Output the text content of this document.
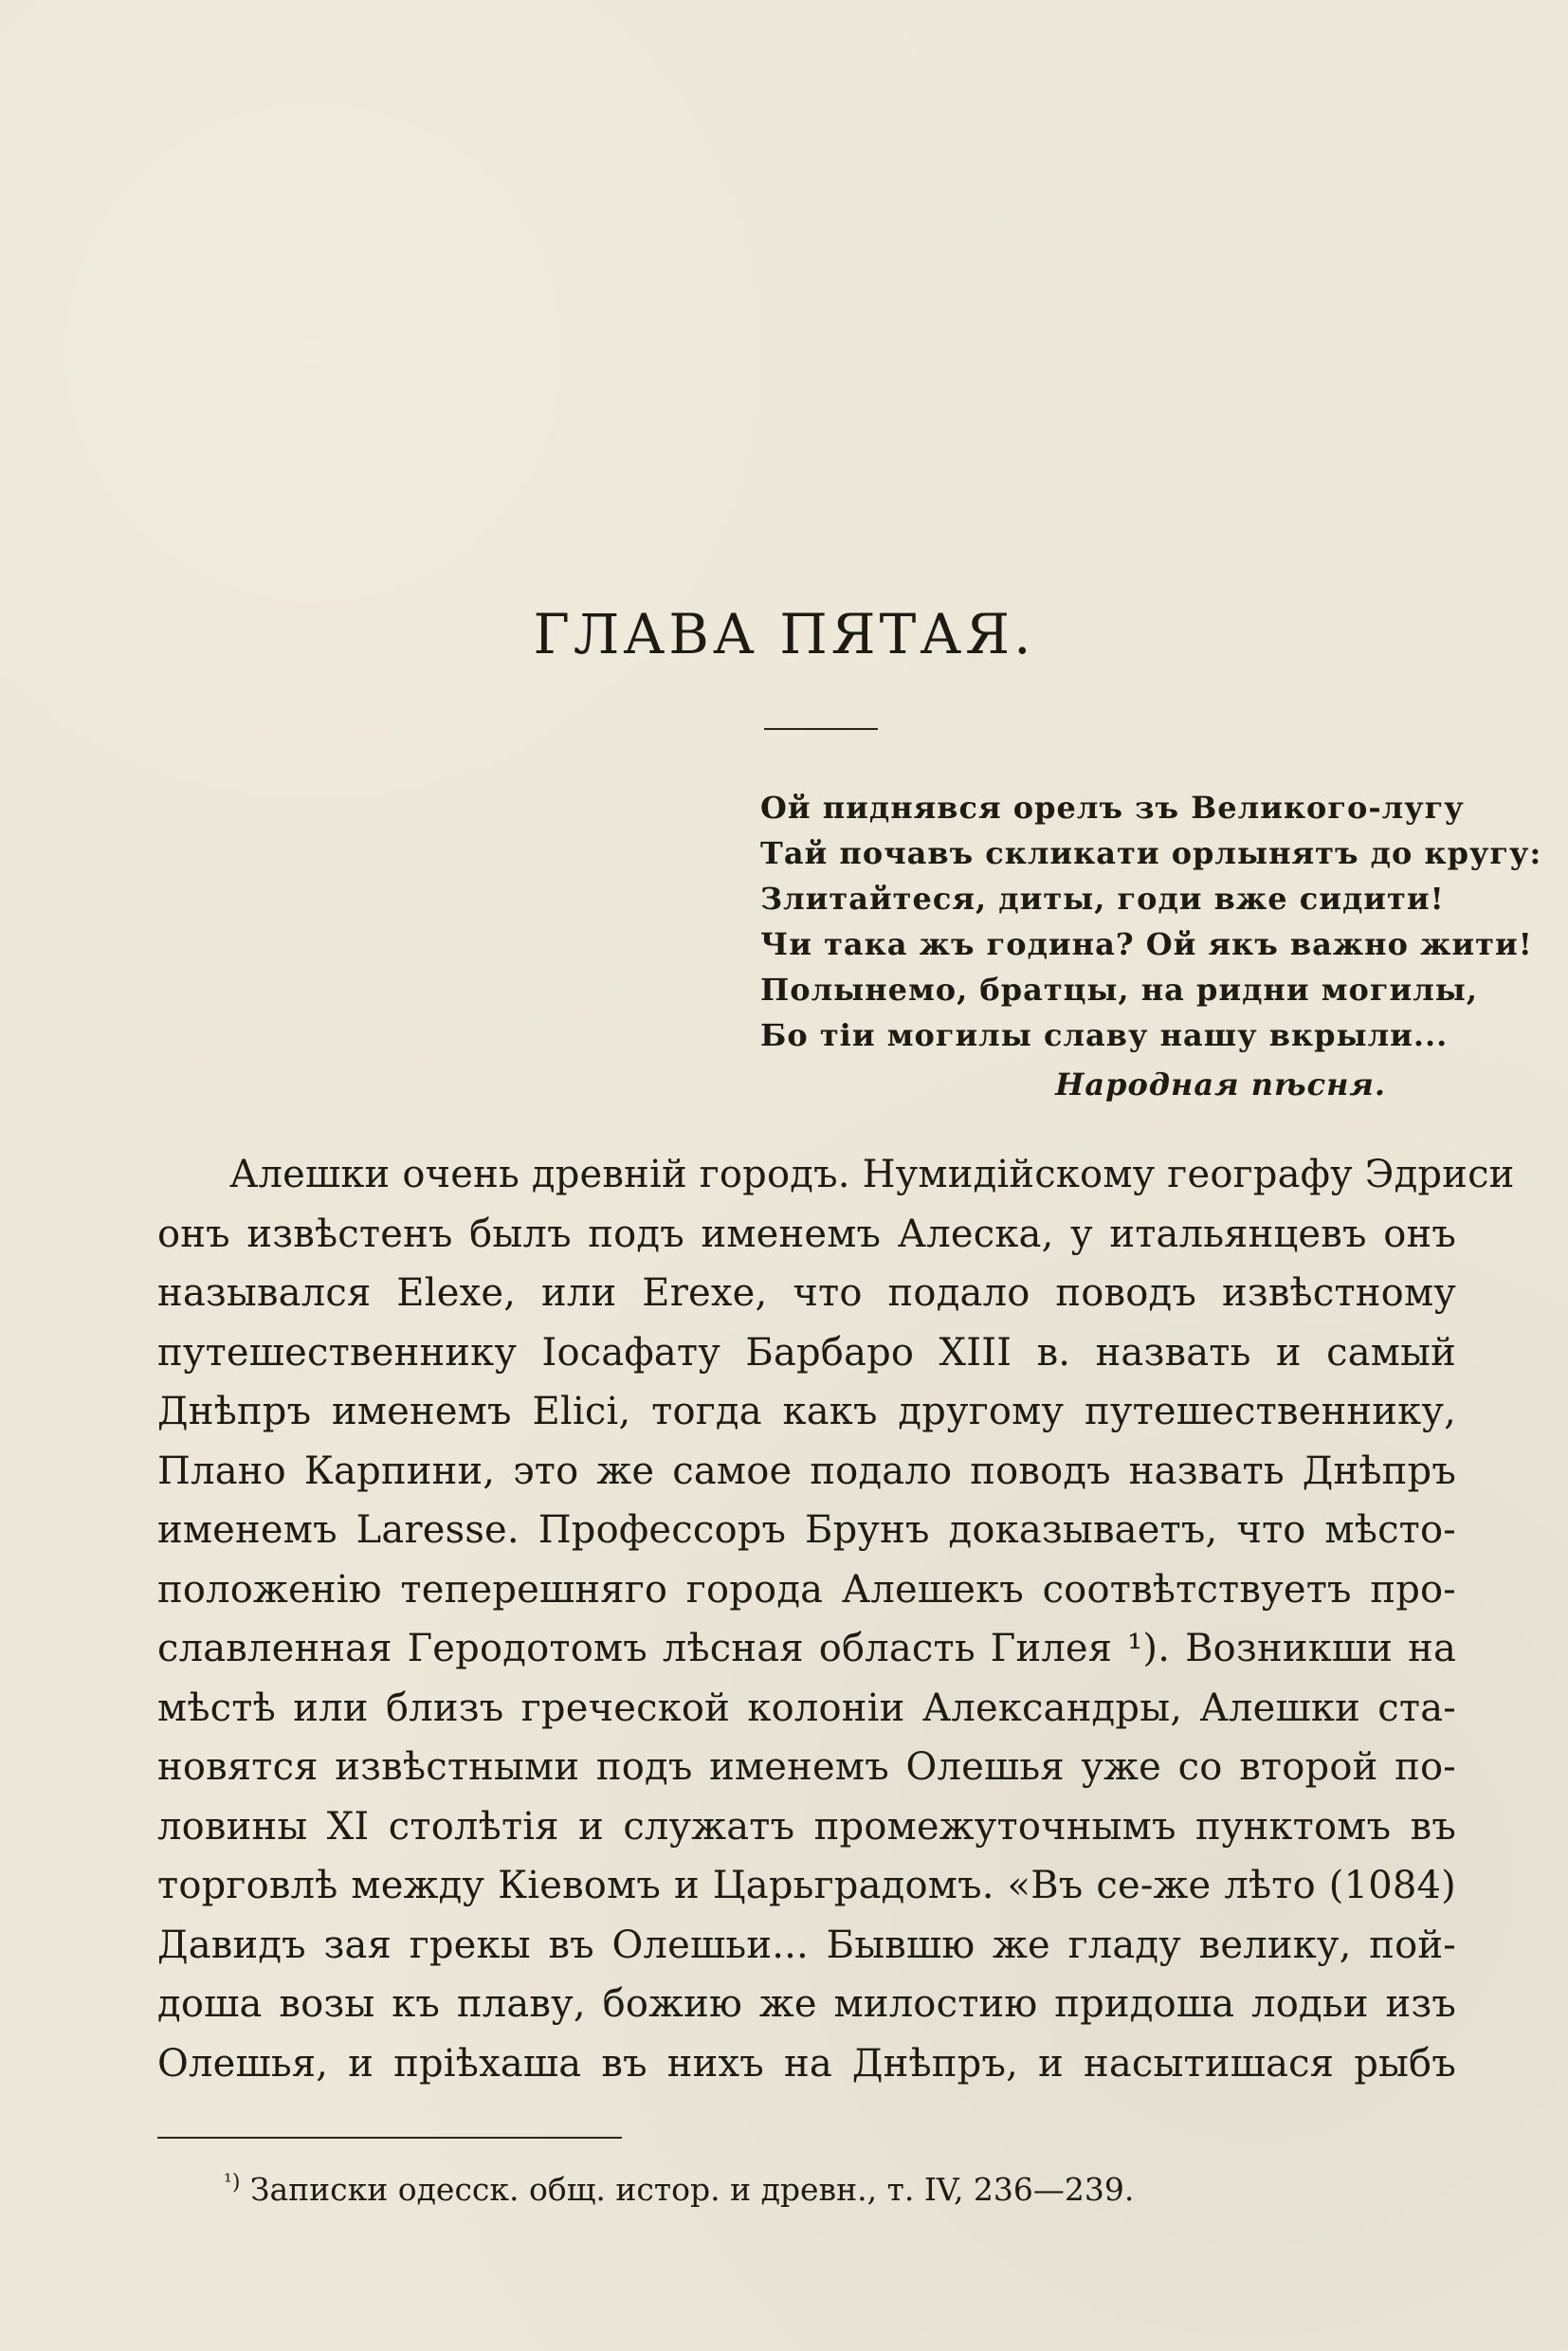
ГЛАВА ПЯТАЯ.
Ой пиднявся орелъ зъ Великого-лугу
Тай почавъ скликати орлынятъ до кругу:
Злитайтеся, диты, годи вже сидити!
Чи така жъ година? Ой якъ важно жити!
Полынемо, братцы, на ридни могилы,
Бо тіи могилы славу нашу вкрыли...
Народная пѣсня.
Алешки очень древній городъ. Нумидійскому географу Эдриси
онъ извѣстенъ былъ подъ именемъ Алеска, у итальянцевъ онъ
назывался Elexe, или Erexe, что подало поводъ извѣстному
путешественнику Іосафату Барбаро XIII в. назвать и самый
Днѣпръ именемъ Elici, тогда какъ другому путешественнику,
Плано Карпини, это же самое подало поводъ назвать Днѣпръ
именемъ Laresse. Профессоръ Брунъ доказываетъ, что мѣсто-
положенію теперешняго города Алешекъ соотвѣтствуетъ про-
славленная Геродотомъ лѣсная область Гилея ¹). Возникши на
мѣстѣ или близъ греческой колоніи Александры, Алешки ста-
новятся извѣстными подъ именемъ Олешья уже со второй по-
ловины XI столѣтія и служатъ промежуточнымъ пунктомъ въ
торговлѣ между Кіевомъ и Царьградомъ. «Въ се-же лѣто (1084)
Давидъ зая грекы въ Олешьи... Бывшю же гладу велику, пой-
доша возы къ плаву, божию же милостию придоша лодьи изъ
Олешья, и пріѣхаша въ нихъ на Днѣпръ, и насытишася рыбъ
$^{^1)}$ Записки одесск. общ. истор. и древн., т. IV, 236—239.
